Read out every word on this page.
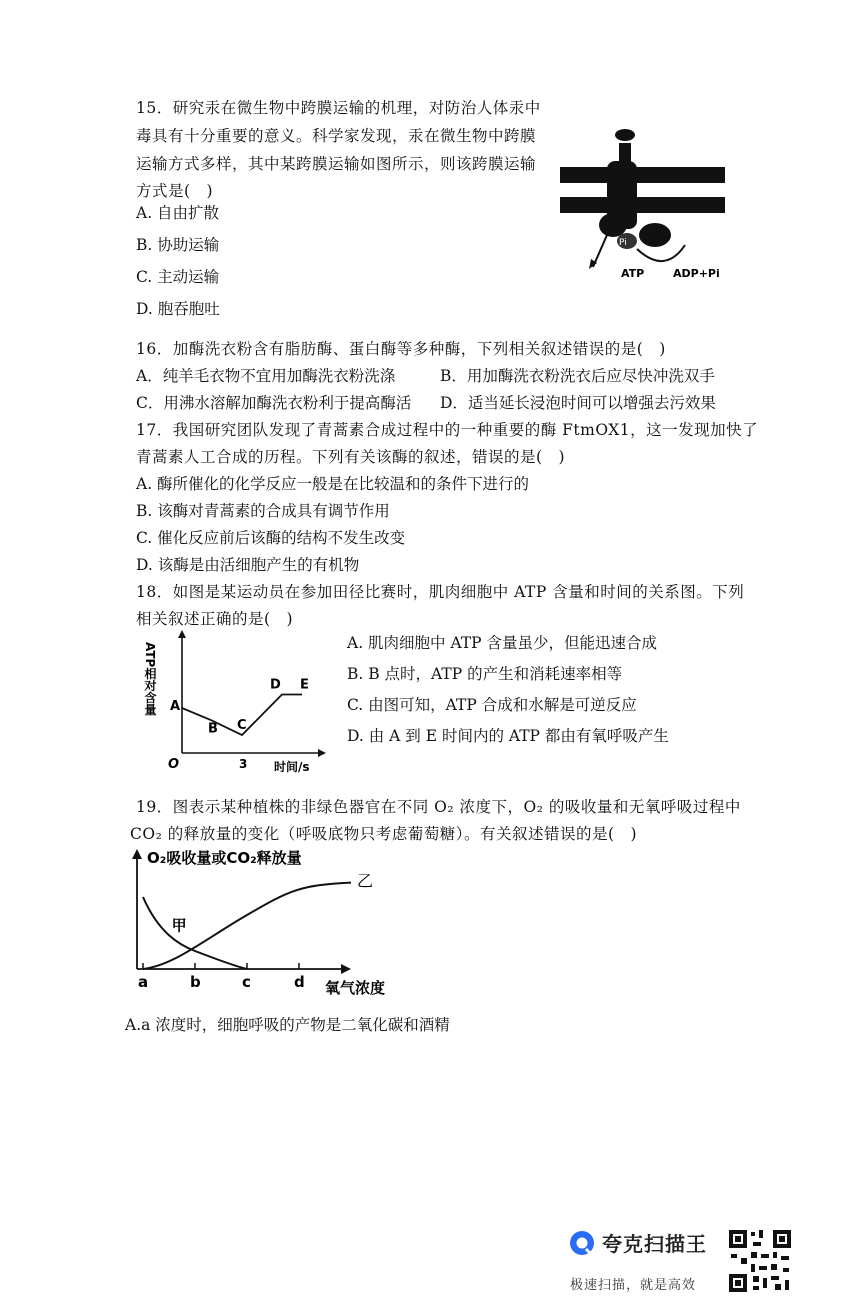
15．研究汞在微生物中跨膜运输的机理，对防治人体汞中
毒具有十分重要的意义。科学家发现，汞在微生物中跨膜
运输方式多样，其中某跨膜运输如图所示，则该跨膜运输
方式是(　)
A. 自由扩散
B. 协助运输
C. 主动运输
D. 胞吞胞吐
Pi
ATP	ADP+Pi
16．加酶洗衣粉含有脂肪酶、蛋白酶等多种酶，下列相关叙述错误的是(　)
A．纯羊毛衣物不宜用加酶洗衣粉洗涤	B．用加酶洗衣粉洗衣后应尽快冲洗双手
C．用沸水溶解加酶洗衣粉利于提高酶活 D．适当延长浸泡时间可以增强去污效果
17．我国研究团队发现了青蒿素合成过程中的一种重要的酶 FtmOX1，这一发现加快了
青蒿素人工合成的历程。下列有关该酶的叙述，错误的是(　)
A. 酶所催化的化学反应一般是在比较温和的条件下进行的
B. 该酶对青蒿素的合成具有调节作用
C. 催化反应前后该酶的结构不发生改变
D. 该酶是由活细胞产生的有机物
18．如图是某运动员在参加田径比赛时，肌肉细胞中 ATP 含量和时间的关系图。下列
相关叙述正确的是(　)
A. 肌肉细胞中 ATP 含量虽少，但能迅速合成
B. B 点时，ATP 的产生和消耗速率相等
C. 由图可知，ATP 合成和水解是可逆反应
D. 由 A 到 E 时间内的 ATP 都由有氧呼吸产生
ATP相对含量
O	时间/s
A
B C
D E
3
19．图表示某种植株的非绿色器官在不同 O₂ 浓度下，O₂ 的吸收量和无氧呼吸过程中
CO₂ 的释放量的变化（呼吸底物只考虑葡萄糖）。有关叙述错误的是(　)
O₂吸收量或CO₂释放量
氧气浓度
甲
乙
a	b	c	d
A.a 浓度时，细胞呼吸的产物是二氧化碳和酒精
夸克扫描王
极速扫描，就是高效
